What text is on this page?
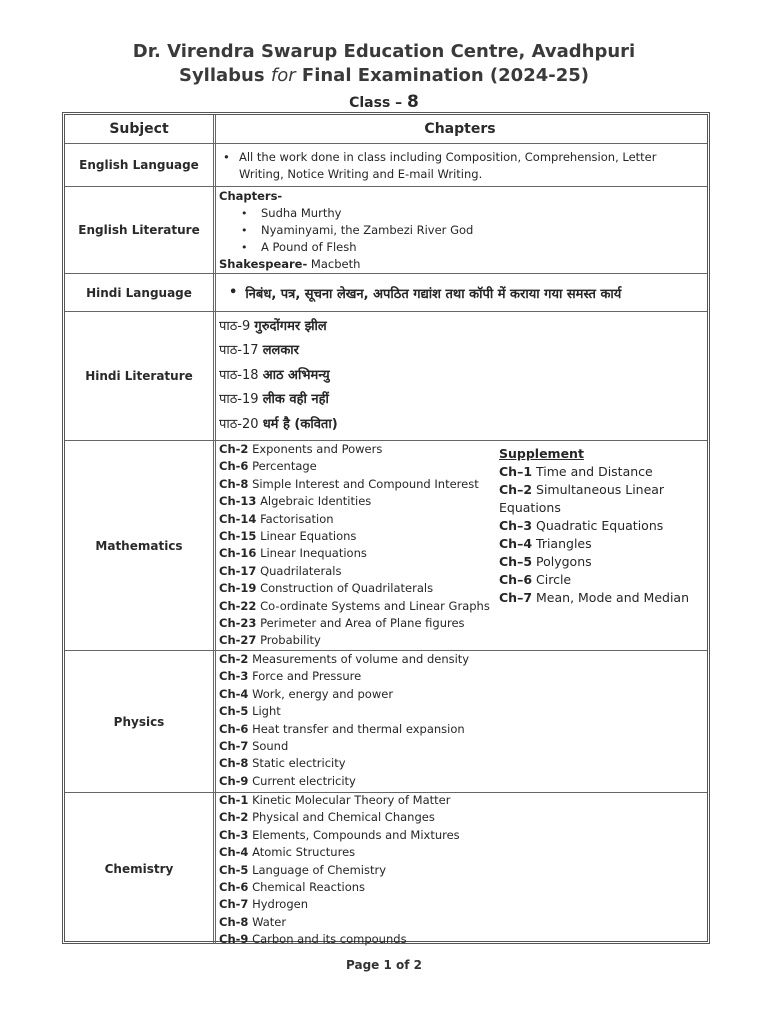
Dr. Virendra Swarup Education Centre, Avadhpuri
Syllabus for Final Examination (2024-25)
Class – 8
Subject	Chapters
English Language
• All the work done in class including Composition, Comprehension, Letter
Writing, Notice Writing and E-mail Writing.
English Literature
Chapters-
• Sudha Murthy
• Nyaminyami, the Zambezi River God
• A Pound of Flesh
Shakespeare- Macbeth
Hindi Language	• निबंध, पत्र, सूचना लेखन, अपठित गद्यांश तथा कॉपी में कराया गया समस्त कार्य
Hindi Literature
पाठ-9 गुरुदोंगमर झील
पाठ-17 ललकार
पाठ-18 आठ अभिमन्यु
पाठ-19 लीक वही नहीं
पाठ-20 धर्म है (कविता)
Mathematics
Ch-2 Exponents and Powers
Ch-6 Percentage
Ch-8 Simple Interest and Compound Interest
Ch-13 Algebraic Identities
Ch-14 Factorisation
Ch-15 Linear Equations
Ch-16 Linear Inequations
Ch-17 Quadrilaterals
Ch-19 Construction of Quadrilaterals
Ch-22 Co-ordinate Systems and Linear Graphs
Ch-23 Perimeter and Area of Plane figures
Ch-27 Probability
Supplement
Ch–1 Time and Distance
Ch–2 Simultaneous Linear
Equations
Ch–3 Quadratic Equations
Ch–4 Triangles
Ch–5 Polygons
Ch–6 Circle
Ch–7 Mean, Mode and Median
Physics
Ch-2 Measurements of volume and density
Ch-3 Force and Pressure
Ch-4 Work, energy and power
Ch-5 Light
Ch-6 Heat transfer and thermal expansion
Ch-7 Sound
Ch-8 Static electricity
Ch-9 Current electricity
Chemistry
Ch-1 Kinetic Molecular Theory of Matter
Ch-2 Physical and Chemical Changes
Ch-3 Elements, Compounds and Mixtures
Ch-4 Atomic Structures
Ch-5 Language of Chemistry
Ch-6 Chemical Reactions
Ch-7 Hydrogen
Ch-8 Water
Ch-9 Carbon and its compounds
Page 1 of 2
